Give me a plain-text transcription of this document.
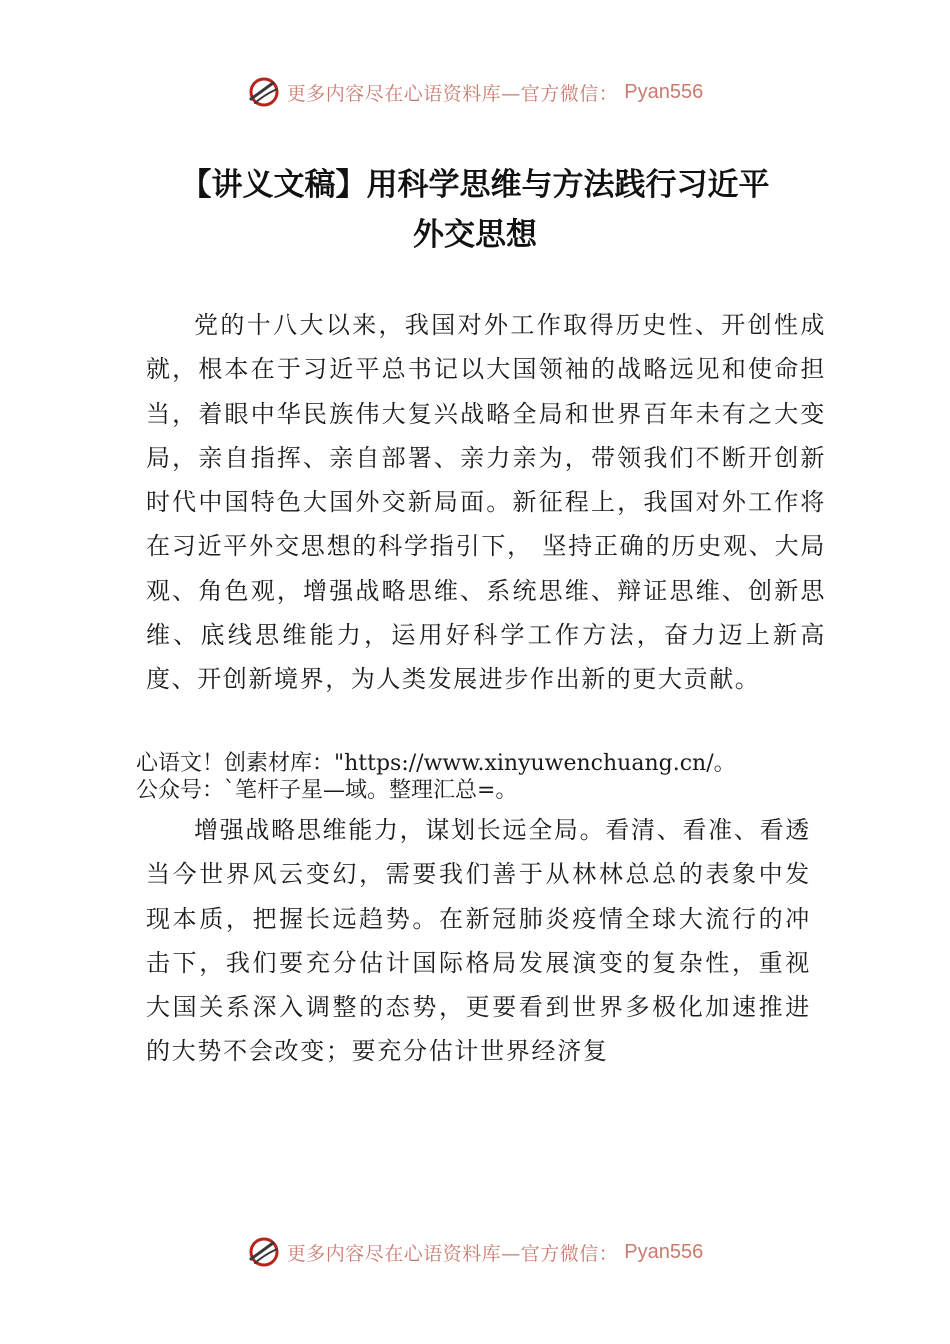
更多内容尽在心语资料库—官方微信： Pyan556
【讲义文稿】用科学思维与方法践行习近平
外交思想

党的十八大以来，我国对外工作取得历史性、开创性成就，根本在于习近平总书记以大国领袖的战略远见和使命担当，着眼中华民族伟大复兴战略全局和世界百年未有之大变局，亲自指挥、亲自部署、亲力亲为，带领我们不断开创新时代中国特色大国外交新局面。新征程上，我国对外工作将在习近平外交思想的科学指引下， 坚持正确的历史观、大局观、角色观，增强战略思维、系统思维、辩证思维、创新思维、底线思维能力，运用好科学工作方法，奋力迈上新高度、开创新境界，为人类发展进步作出新的更大贡献。

心语文！创素材库："https://www.xinyuwenchuang.cn/。
公众号：`笔杆子星—域。整理汇总=。

增强战略思维能力，谋划长远全局。看清、看准、看透当今世界风云变幻，需要我们善于从林林总总的表象中发现本质，把握长远趋势。在新冠肺炎疫情全球大流行的冲击下，我们要充分估计国际格局发展演变的复杂性，重视大国关系深入调整的态势，更要看到世界多极化加速推进的大势不会改变；要充分估计世界经济复

更多内容尽在心语资料库—官方微信： Pyan556
